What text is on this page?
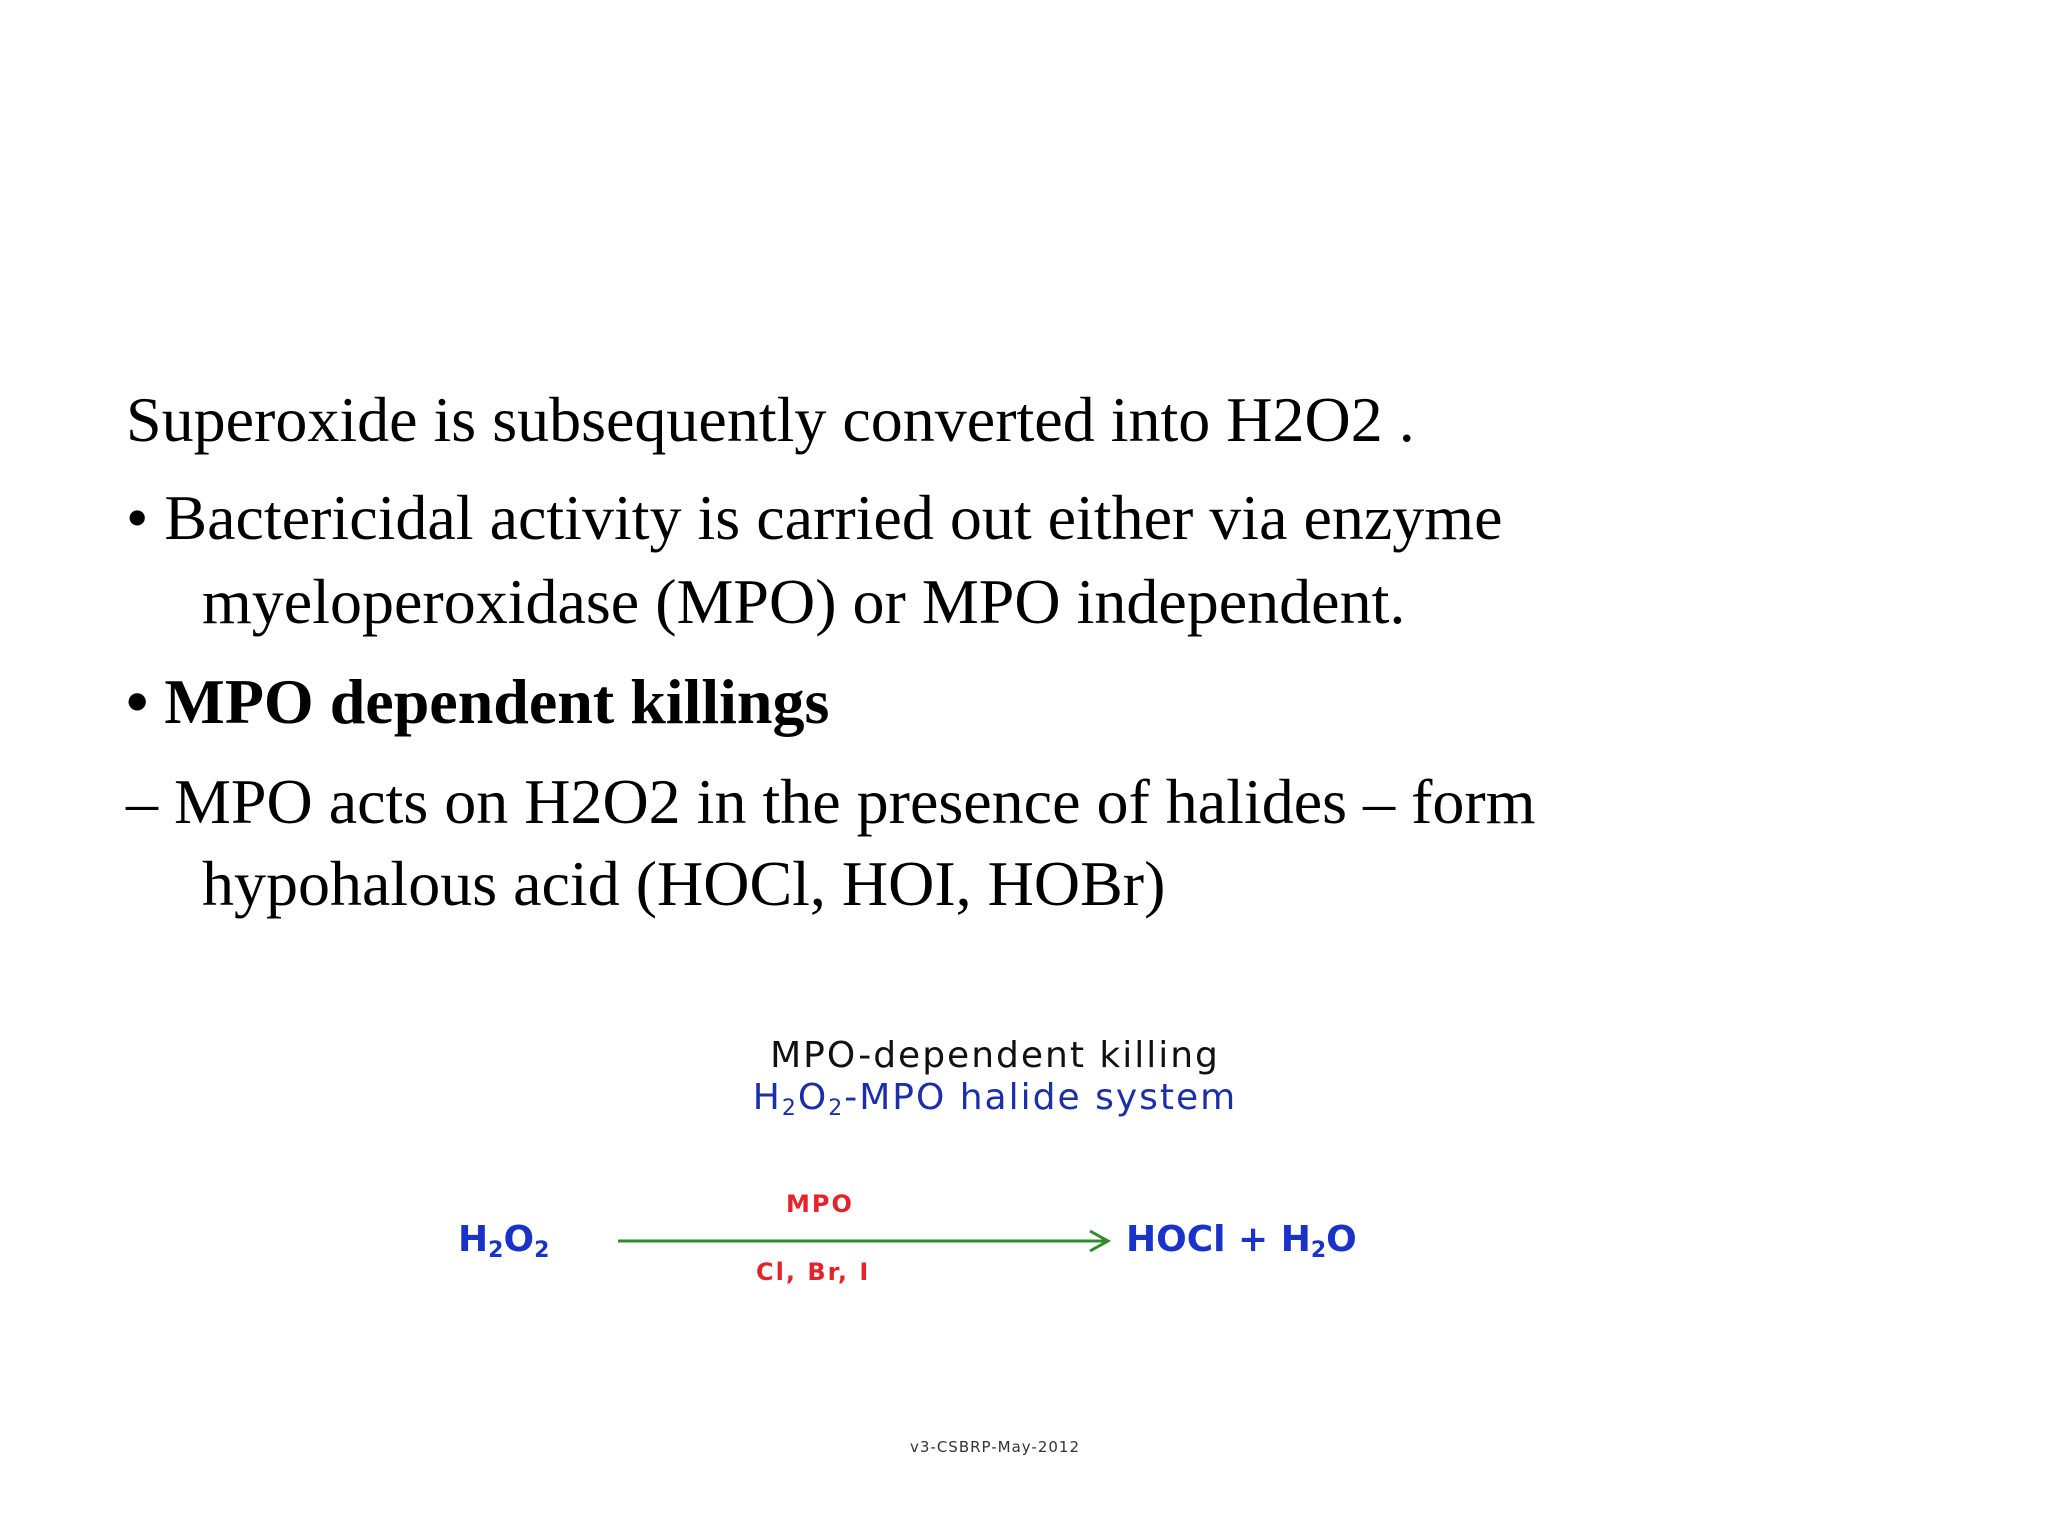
Superoxide is subsequently converted into H2O2 .
• Bactericidal activity is carried out either via enzyme
myeloperoxidase (MPO) or MPO independent.
• MPO dependent killings
– MPO acts on H2O2 in the presence of halides – form
hypohalous acid (HOCl, HOI, HOBr)
MPO-dependent killing
$H_2O_2$-MPO halide system
$H_2O_2$
MPO
Cl, Br, I
HOCl + $H_2O$
v3-CSBRP-May-2012
